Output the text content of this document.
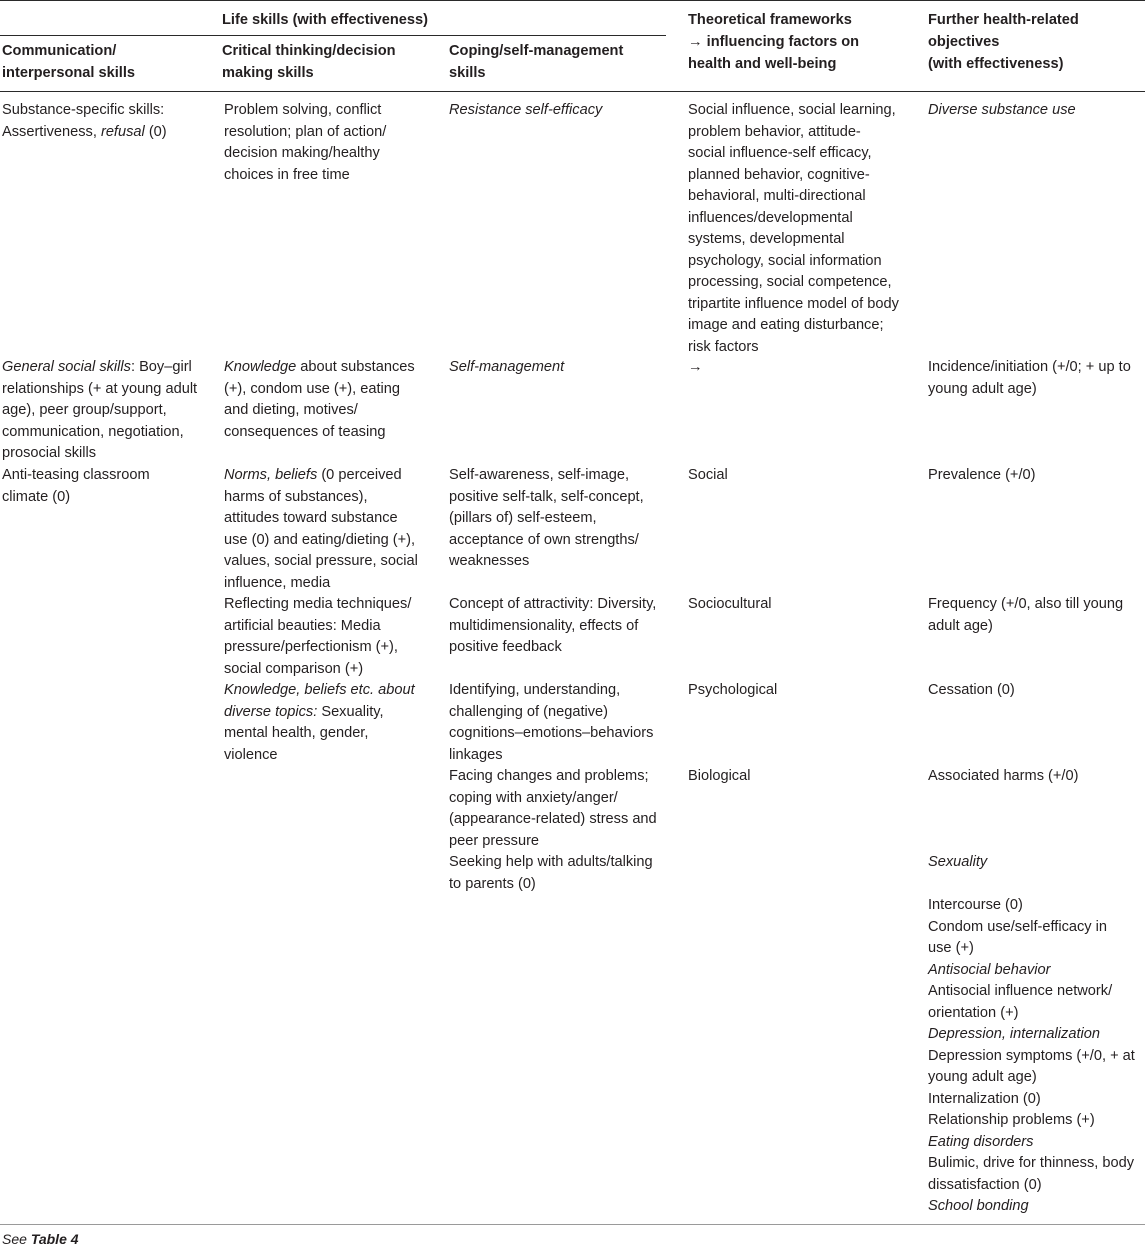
Life skills (with effectiveness)
Communication/
interpersonal skills
Critical thinking/decision
making skills
Coping/self-management
skills
Theoretical frameworks
→ influencing factors on
health and well-being
Further health-related
objectives
(with effectiveness)
Substance-specific skills:
Assertiveness, refusal (0)
General social skills: Boy–girl
relationships (+ at young adult
age), peer group/support,
communication, negotiation,
prosocial skills
Anti-teasing classroom
climate (0)
Problem solving, conflict
resolution; plan of action/
decision making/healthy
choices in free time
Knowledge about substances
(+), condom use (+), eating
and dieting, motives/
consequences of teasing
Norms, beliefs (0 perceived
harms of substances),
attitudes toward substance
use (0) and eating/dieting (+),
values, social pressure, social
influence, media
Reflecting media techniques/
artificial beauties: Media
pressure/perfectionism (+),
social comparison (+)
Knowledge, beliefs etc. about
diverse topics: Sexuality,
mental health, gender,
violence
Resistance self-efficacy
Self-management
Self-awareness, self-image,
positive self-talk, self-concept,
(pillars of) self-esteem,
acceptance of own strengths/
weaknesses
Concept of attractivity: Diversity,
multidimensionality, effects of
positive feedback
Identifying, understanding,
challenging of (negative)
cognitions–emotions–behaviors
linkages
Facing changes and problems;
coping with anxiety/anger/
(appearance-related) stress and
peer pressure
Seeking help with adults/talking
to parents (0)
Social influence, social learning,
problem behavior, attitude-
social influence-self efficacy,
planned behavior, cognitive-
behavioral, multi-directional
influences/developmental
systems, developmental
psychology, social information
processing, social competence,
tripartite influence model of body
image and eating disturbance;
risk factors
→
Social
Sociocultural
Psychological
Biological
Diverse substance use
Incidence/initiation (+/0; + up to
young adult age)
Prevalence (+/0)
Frequency (+/0, also till young
adult age)
Cessation (0)
Associated harms (+/0)
Sexuality
Intercourse (0)
Condom use/self-efficacy in
use (+)
Antisocial behavior
Antisocial influence network/
orientation (+)
Depression, internalization
Depression symptoms (+/0, + at
young adult age)
Internalization (0)
Relationship problems (+)
Eating disorders
Bulimic, drive for thinness, body
dissatisfaction (0)
School bonding
See Table 4
